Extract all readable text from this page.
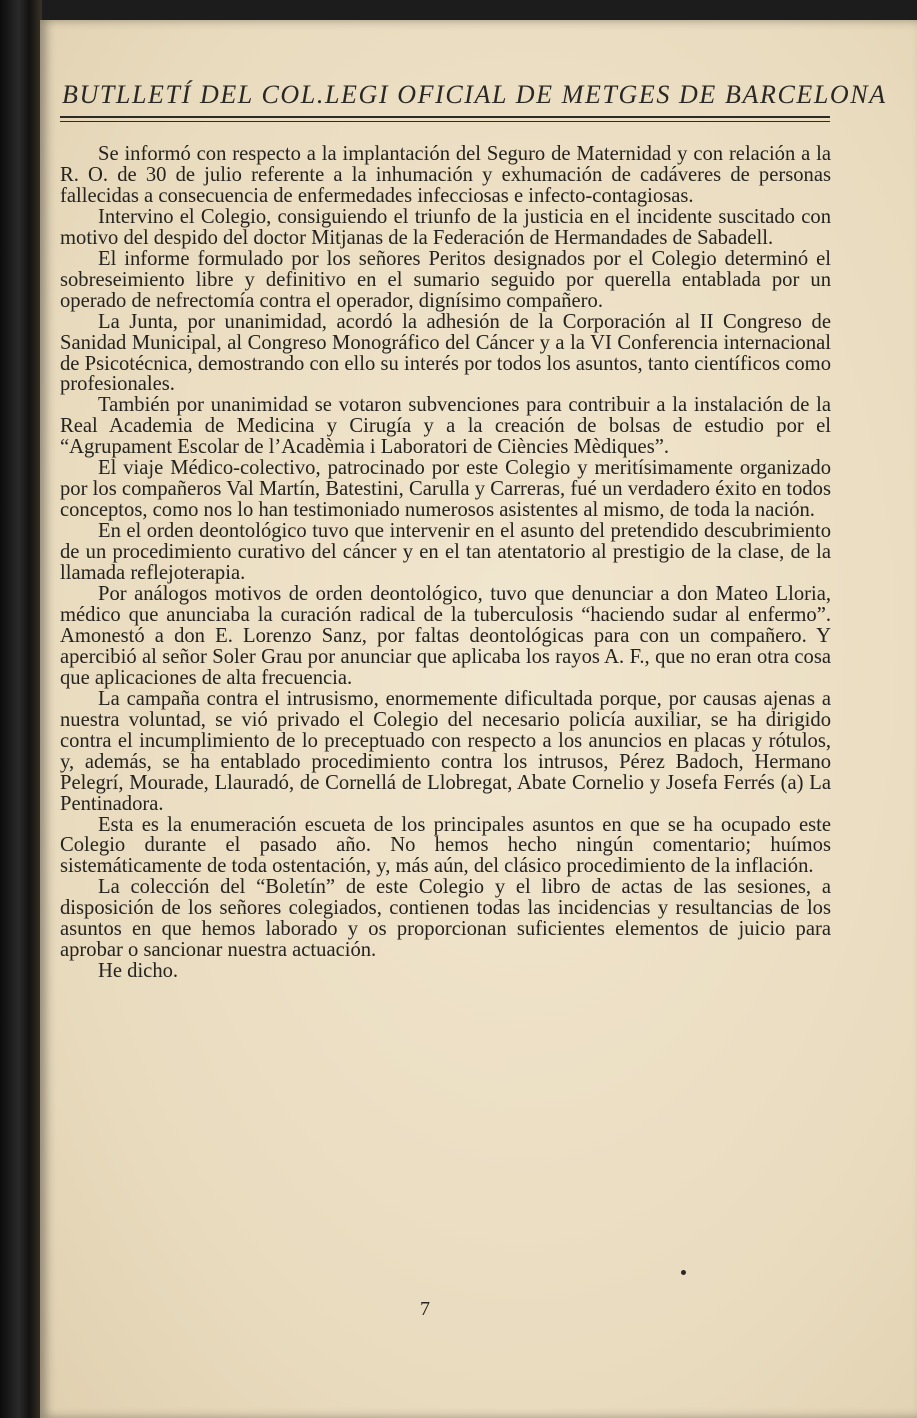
BUTLLETÍ DEL COL.LEGI OFICIAL DE METGES DE BARCELONA

Se informó con respecto a la implantación del Seguro de Maternidad y con relación a la R. O. de 30 de julio referente a la inhumación y exhumación de cadáveres de personas fallecidas a consecuencia de enfermedades infecciosas e infecto-contagiosas.

Intervino el Colegio, consiguiendo el triunfo de la justicia en el incidente suscitado con motivo del despido del doctor Mitjanas de la Federación de Hermandades de Sabadell.

El informe formulado por los señores Peritos designados por el Colegio determinó el sobreseimiento libre y definitivo en el sumario seguido por querella entablada por un operado de nefrectomía contra el operador, dignísimo compañero.

La Junta, por unanimidad, acordó la adhesión de la Corporación al II Congreso de Sanidad Municipal, al Congreso Monográfico del Cáncer y a la VI Conferencia internacional de Psicotécnica, demostrando con ello su interés por todos los asuntos, tanto científicos como profesionales.

También por unanimidad se votaron subvenciones para contribuir a la instalación de la Real Academia de Medicina y Cirugía y a la creación de bolsas de estudio por el “Agrupament Escolar de l’Acadèmia i Laboratori de Ciències Mèdiques”.

El viaje Médico-colectivo, patrocinado por este Colegio y meritísimamente organizado por los compañeros Val Martín, Batestini, Carulla y Carreras, fué un verdadero éxito en todos conceptos, como nos lo han testimoniado numerosos asistentes al mismo, de toda la nación.

En el orden deontológico tuvo que intervenir en el asunto del pretendido descubrimiento de un procedimiento curativo del cáncer y en el tan atentatorio al prestigio de la clase, de la llamada reflejoterapia.

Por análogos motivos de orden deontológico, tuvo que denunciar a don Mateo Lloria, médico que anunciaba la curación radical de la tuberculosis “haciendo sudar al enfermo”. Amonestó a don E. Lorenzo Sanz, por faltas deontológicas para con un compañero. Y apercibió al señor Soler Grau por anunciar que aplicaba los rayos A. F., que no eran otra cosa que aplicaciones de alta frecuencia.

La campaña contra el intrusismo, enormemente dificultada porque, por causas ajenas a nuestra voluntad, se vió privado el Colegio del necesario policía auxiliar, se ha dirigido contra el incumplimiento de lo preceptuado con respecto a los anuncios en placas y rótulos, y, además, se ha entablado procedimiento contra los intrusos, Pérez Badoch, Hermano Pelegrí, Mourade, Llauradó, de Cornellá de Llobregat, Abate Cornelio y Josefa Ferrés (a) La Pentinadora.

Esta es la enumeración escueta de los principales asuntos en que se ha ocupado este Colegio durante el pasado año. No hemos hecho ningún comentario; huímos sistemáticamente de toda ostentación, y, más aún, del clásico procedimiento de la inflación.

La colección del “Boletín” de este Colegio y el libro de actas de las sesiones, a disposición de los señores colegiados, contienen todas las incidencias y resultancias de los asuntos en que hemos laborado y os proporcionan suficientes elementos de juicio para aprobar o sancionar nuestra actuación.

He dicho.

7
